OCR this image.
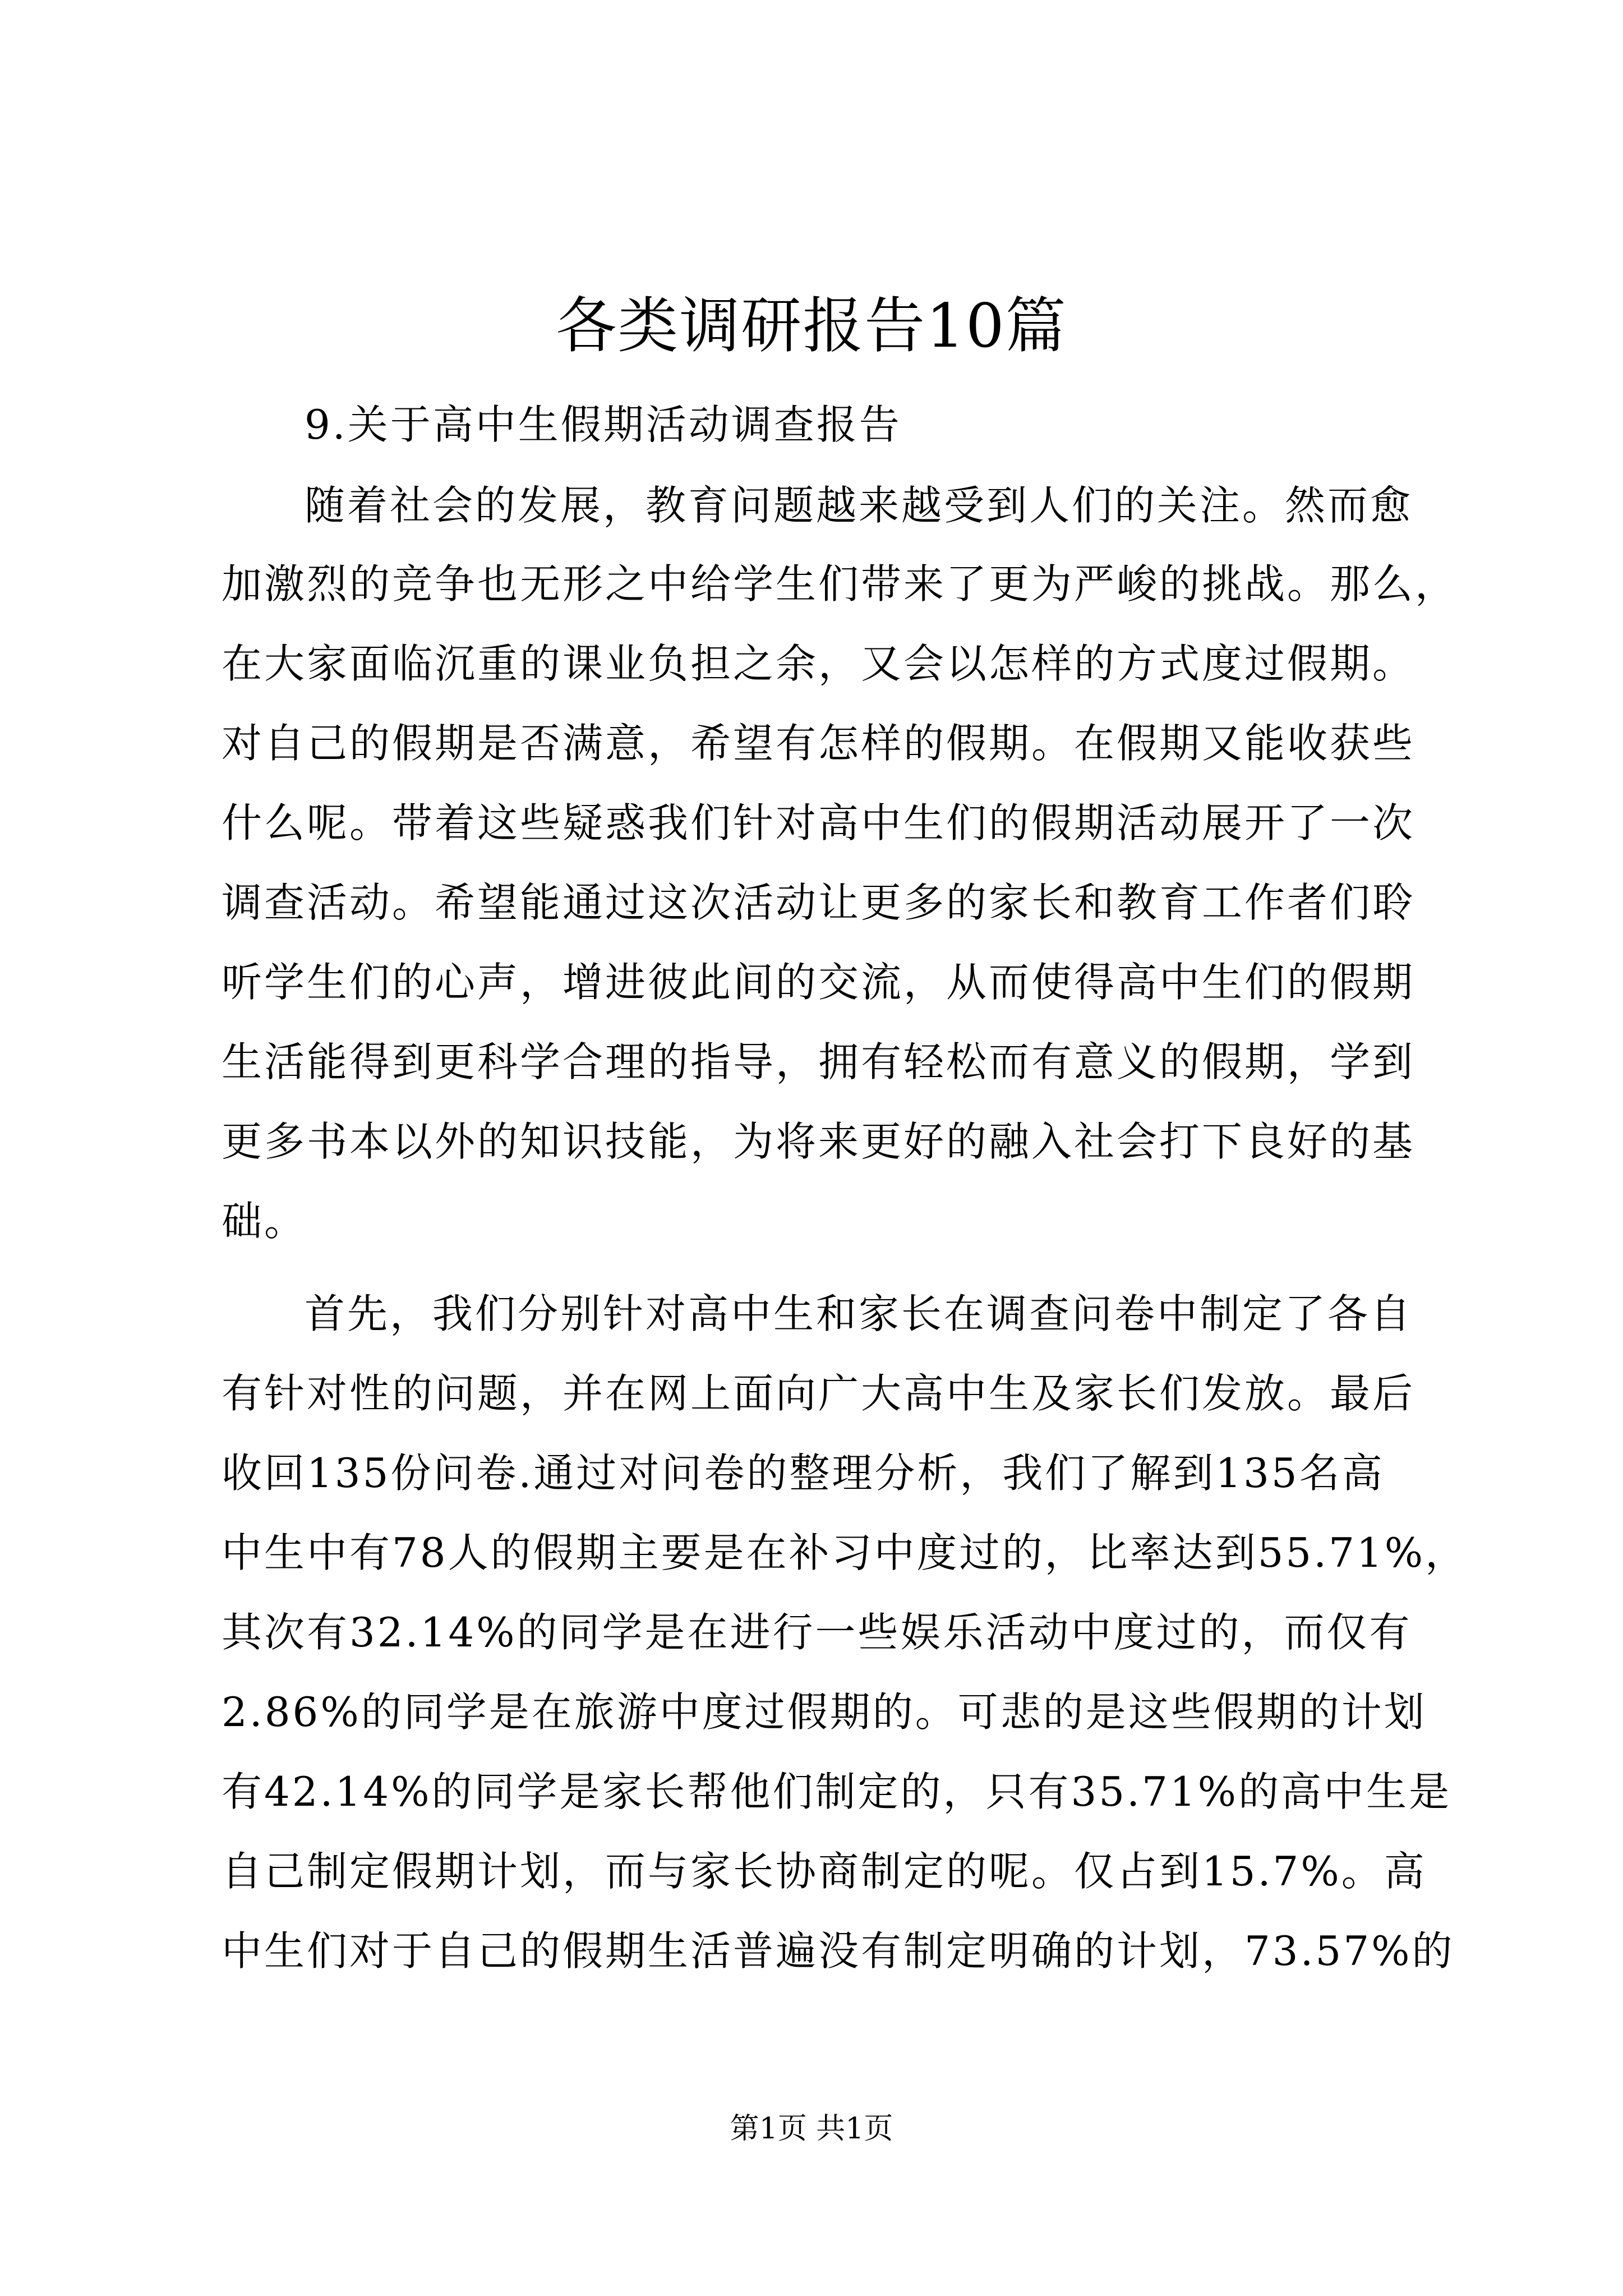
各类调研报告10篇
9.关于高中生假期活动调查报告
随着社会的发展，教育问题越来越受到人们的关注。然而愈
加激烈的竞争也无形之中给学生们带来了更为严峻的挑战。那么，
在大家面临沉重的课业负担之余，又会以怎样的方式度过假期。
对自己的假期是否满意，希望有怎样的假期。在假期又能收获些
什么呢。带着这些疑惑我们针对高中生们的假期活动展开了一次
调查活动。希望能通过这次活动让更多的家长和教育工作者们聆
听学生们的心声，增进彼此间的交流，从而使得高中生们的假期
生活能得到更科学合理的指导，拥有轻松而有意义的假期，学到
更多书本以外的知识技能，为将来更好的融入社会打下良好的基
础。
首先，我们分别针对高中生和家长在调查问卷中制定了各自
有针对性的问题，并在网上面向广大高中生及家长们发放。最后
收回135份问卷.通过对问卷的整理分析，我们了解到135名高
中生中有78人的假期主要是在补习中度过的，比率达到55.71%，
其次有32.14%的同学是在进行一些娱乐活动中度过的，而仅有
2.86%的同学是在旅游中度过假期的。可悲的是这些假期的计划
有42.14%的同学是家长帮他们制定的，只有35.71%的高中生是
自己制定假期计划，而与家长协商制定的呢。仅占到15.7%。高
中生们对于自己的假期生活普遍没有制定明确的计划，73.57%的
第1页 共1页
